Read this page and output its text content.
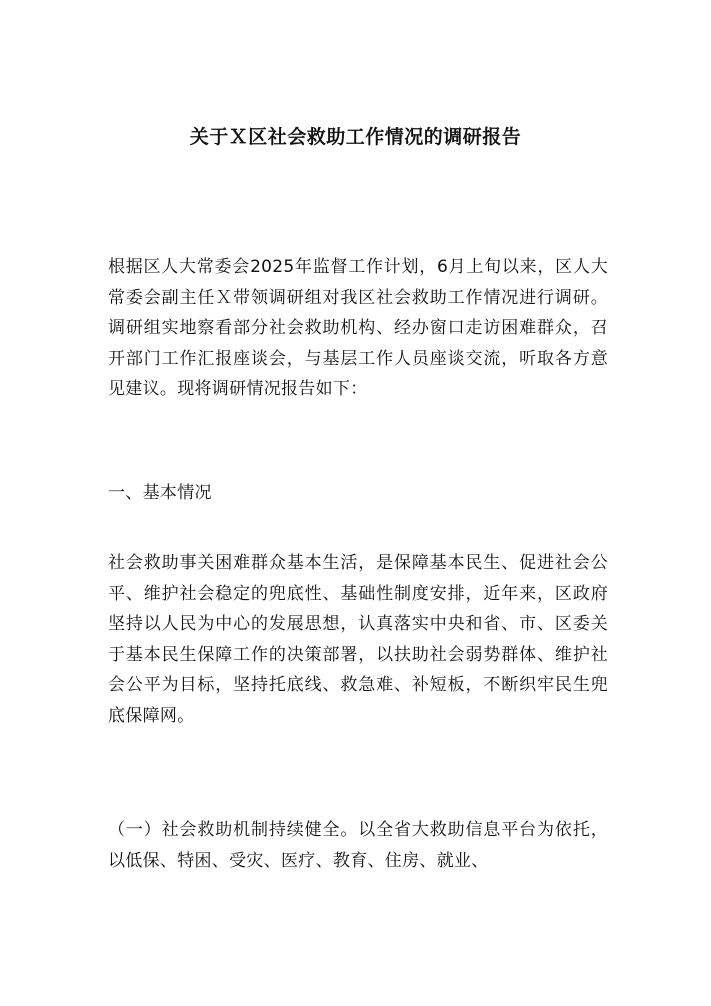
关于Ｘ区社会救助工作情况的调研报告

根据区人大常委会2025年监督工作计划，6月上旬以来，区人大常委会副主任Ｘ带领调研组对我区社会救助工作情况进行调研。调研组实地察看部分社会救助机构、经办窗口走访困难群众，召开部门工作汇报座谈会，与基层工作人员座谈交流，听取各方意见建议。现将调研情况报告如下：

一、基本情况

社会救助事关困难群众基本生活，是保障基本民生、促进社会公平、维护社会稳定的兜底性、基础性制度安排，近年来，区政府坚持以人民为中心的发展思想，认真落实中央和省、市、区委关于基本民生保障工作的决策部署，以扶助社会弱势群体、维护社会公平为目标，坚持托底线、救急难、补短板，不断织牢民生兜底保障网。

（一）社会救助机制持续健全。以全省大救助信息平台为依托，以低保、特困、受灾、医疗、教育、住房、就业、
